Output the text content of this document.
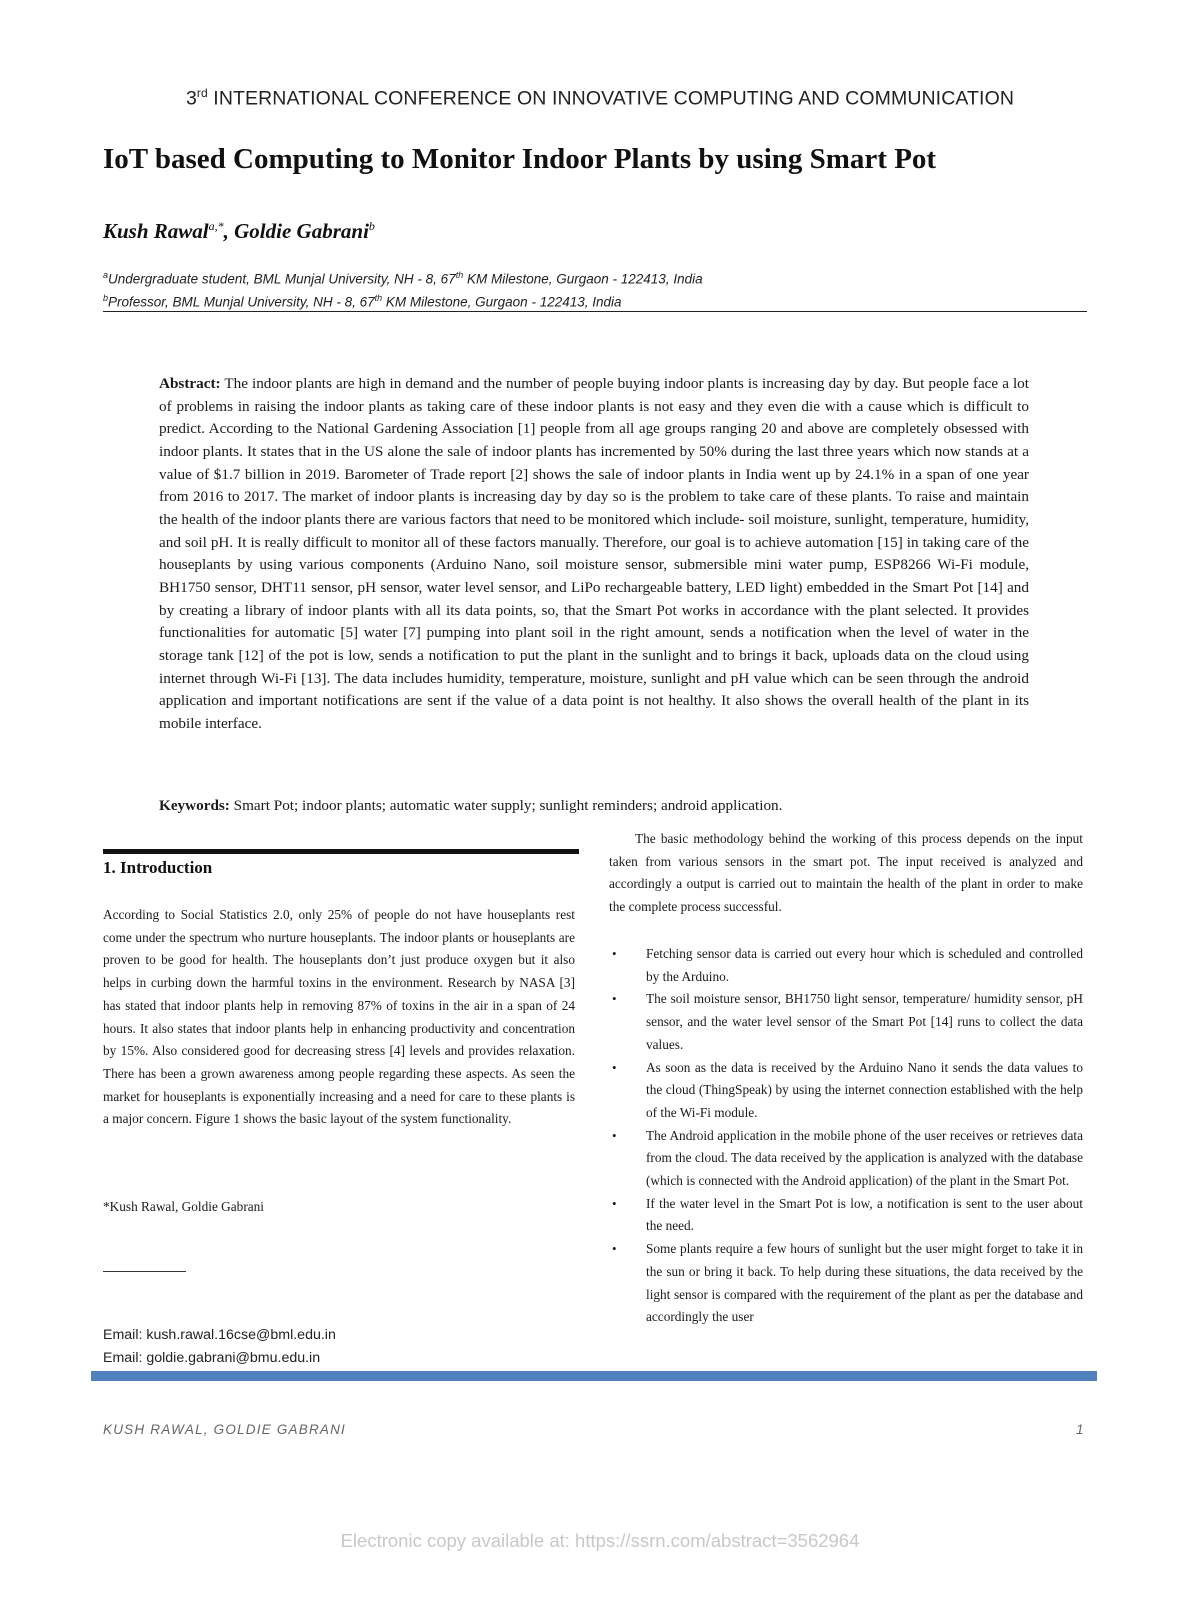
3rd INTERNATIONAL CONFERENCE ON INNOVATIVE COMPUTING AND COMMUNICATION
IoT based Computing to Monitor Indoor Plants by using Smart Pot
Kush Rawal$^{a,*}$, Goldie Gabrani$^b$
$^a$Undergraduate student, BML Munjal University, NH - 8, 67th KM Milestone, Gurgaon - 122413, India
$^b$Professor, BML Munjal University, NH - 8, 67th KM Milestone, Gurgaon - 122413, India
Abstract: The indoor plants are high in demand and the number of people buying indoor plants is increasing day by day. But people face a lot of problems in raising the indoor plants as taking care of these indoor plants is not easy and they even die with a cause which is difficult to predict. According to the National Gardening Association [1] people from all age groups ranging 20 and above are completely obsessed with indoor plants. It states that in the US alone the sale of indoor plants has incremented by 50% during the last three years which now stands at a value of $1.7 billion in 2019. Barometer of Trade report [2] shows the sale of indoor plants in India went up by 24.1% in a span of one year from 2016 to 2017. The market of indoor plants is increasing day by day so is the problem to take care of these plants. To raise and maintain the health of the indoor plants there are various factors that need to be monitored which include- soil moisture, sunlight, temperature, humidity, and soil pH. It is really difficult to monitor all of these factors manually. Therefore, our goal is to achieve automation [15] in taking care of the houseplants by using various components (Arduino Nano, soil moisture sensor, submersible mini water pump, ESP8266 Wi-Fi module, BH1750 sensor, DHT11 sensor, pH sensor, water level sensor, and LiPo rechargeable battery, LED light) embedded in the Smart Pot [14] and by creating a library of indoor plants with all its data points, so, that the Smart Pot works in accordance with the plant selected. It provides functionalities for automatic [5] water [7] pumping into plant soil in the right amount, sends a notification when the level of water in the storage tank [12] of the pot is low, sends a notification to put the plant in the sunlight and to brings it back, uploads data on the cloud using internet through Wi-Fi [13]. The data includes humidity, temperature, moisture, sunlight and pH value which can be seen through the android application and important notifications are sent if the value of a data point is not healthy. It also shows the overall health of the plant in its mobile interface.
Keywords: Smart Pot; indoor plants; automatic water supply; sunlight reminders; android application.
1. Introduction
According to Social Statistics 2.0, only 25% of people do not have houseplants rest come under the spectrum who nurture houseplants. The indoor plants or houseplants are proven to be good for health. The houseplants don’t just produce oxygen but it also helps in curbing down the harmful toxins in the environment. Research by NASA [3] has stated that indoor plants help in removing 87% of toxins in the air in a span of 24 hours. It also states that indoor plants help in enhancing productivity and concentration by 15%. Also considered good for decreasing stress [4] levels and provides relaxation. There has been a grown awareness among people regarding these aspects. As seen the market for houseplants is exponentially increasing and a need for care to these plants is a major concern. Figure 1 shows the basic layout of the system functionality.
*Kush Rawal, Goldie Gabrani
Email: kush.rawal.16cse@bml.edu.in
Email: goldie.gabrani@bmu.edu.in
The basic methodology behind the working of this process depends on the input taken from various sensors in the smart pot. The input received is analyzed and accordingly a output is carried out to maintain the health of the plant in order to make the complete process successful.
• Fetching sensor data is carried out every hour which is scheduled and controlled by the Arduino.
• The soil moisture sensor, BH1750 light sensor, temperature/ humidity sensor, pH sensor, and the water level sensor of the Smart Pot [14] runs to collect the data values.
• As soon as the data is received by the Arduino Nano it sends the data values to the cloud (ThingSpeak) by using the internet connection established with the help of the Wi-Fi module.
• The Android application in the mobile phone of the user receives or retrieves data from the cloud. The data received by the application is analyzed with the database (which is connected with the Android application) of the plant in the Smart Pot.
• If the water level in the Smart Pot is low, a notification is sent to the user about the need.
• Some plants require a few hours of sunlight but the user might forget to take it in the sun or bring it back. To help during these situations, the data received by the light sensor is compared with the requirement of the plant as per the database and accordingly the user
KUSH RAWAL, GOLDIE GABRANI	1
Electronic copy available at: https://ssrn.com/abstract=3562964
